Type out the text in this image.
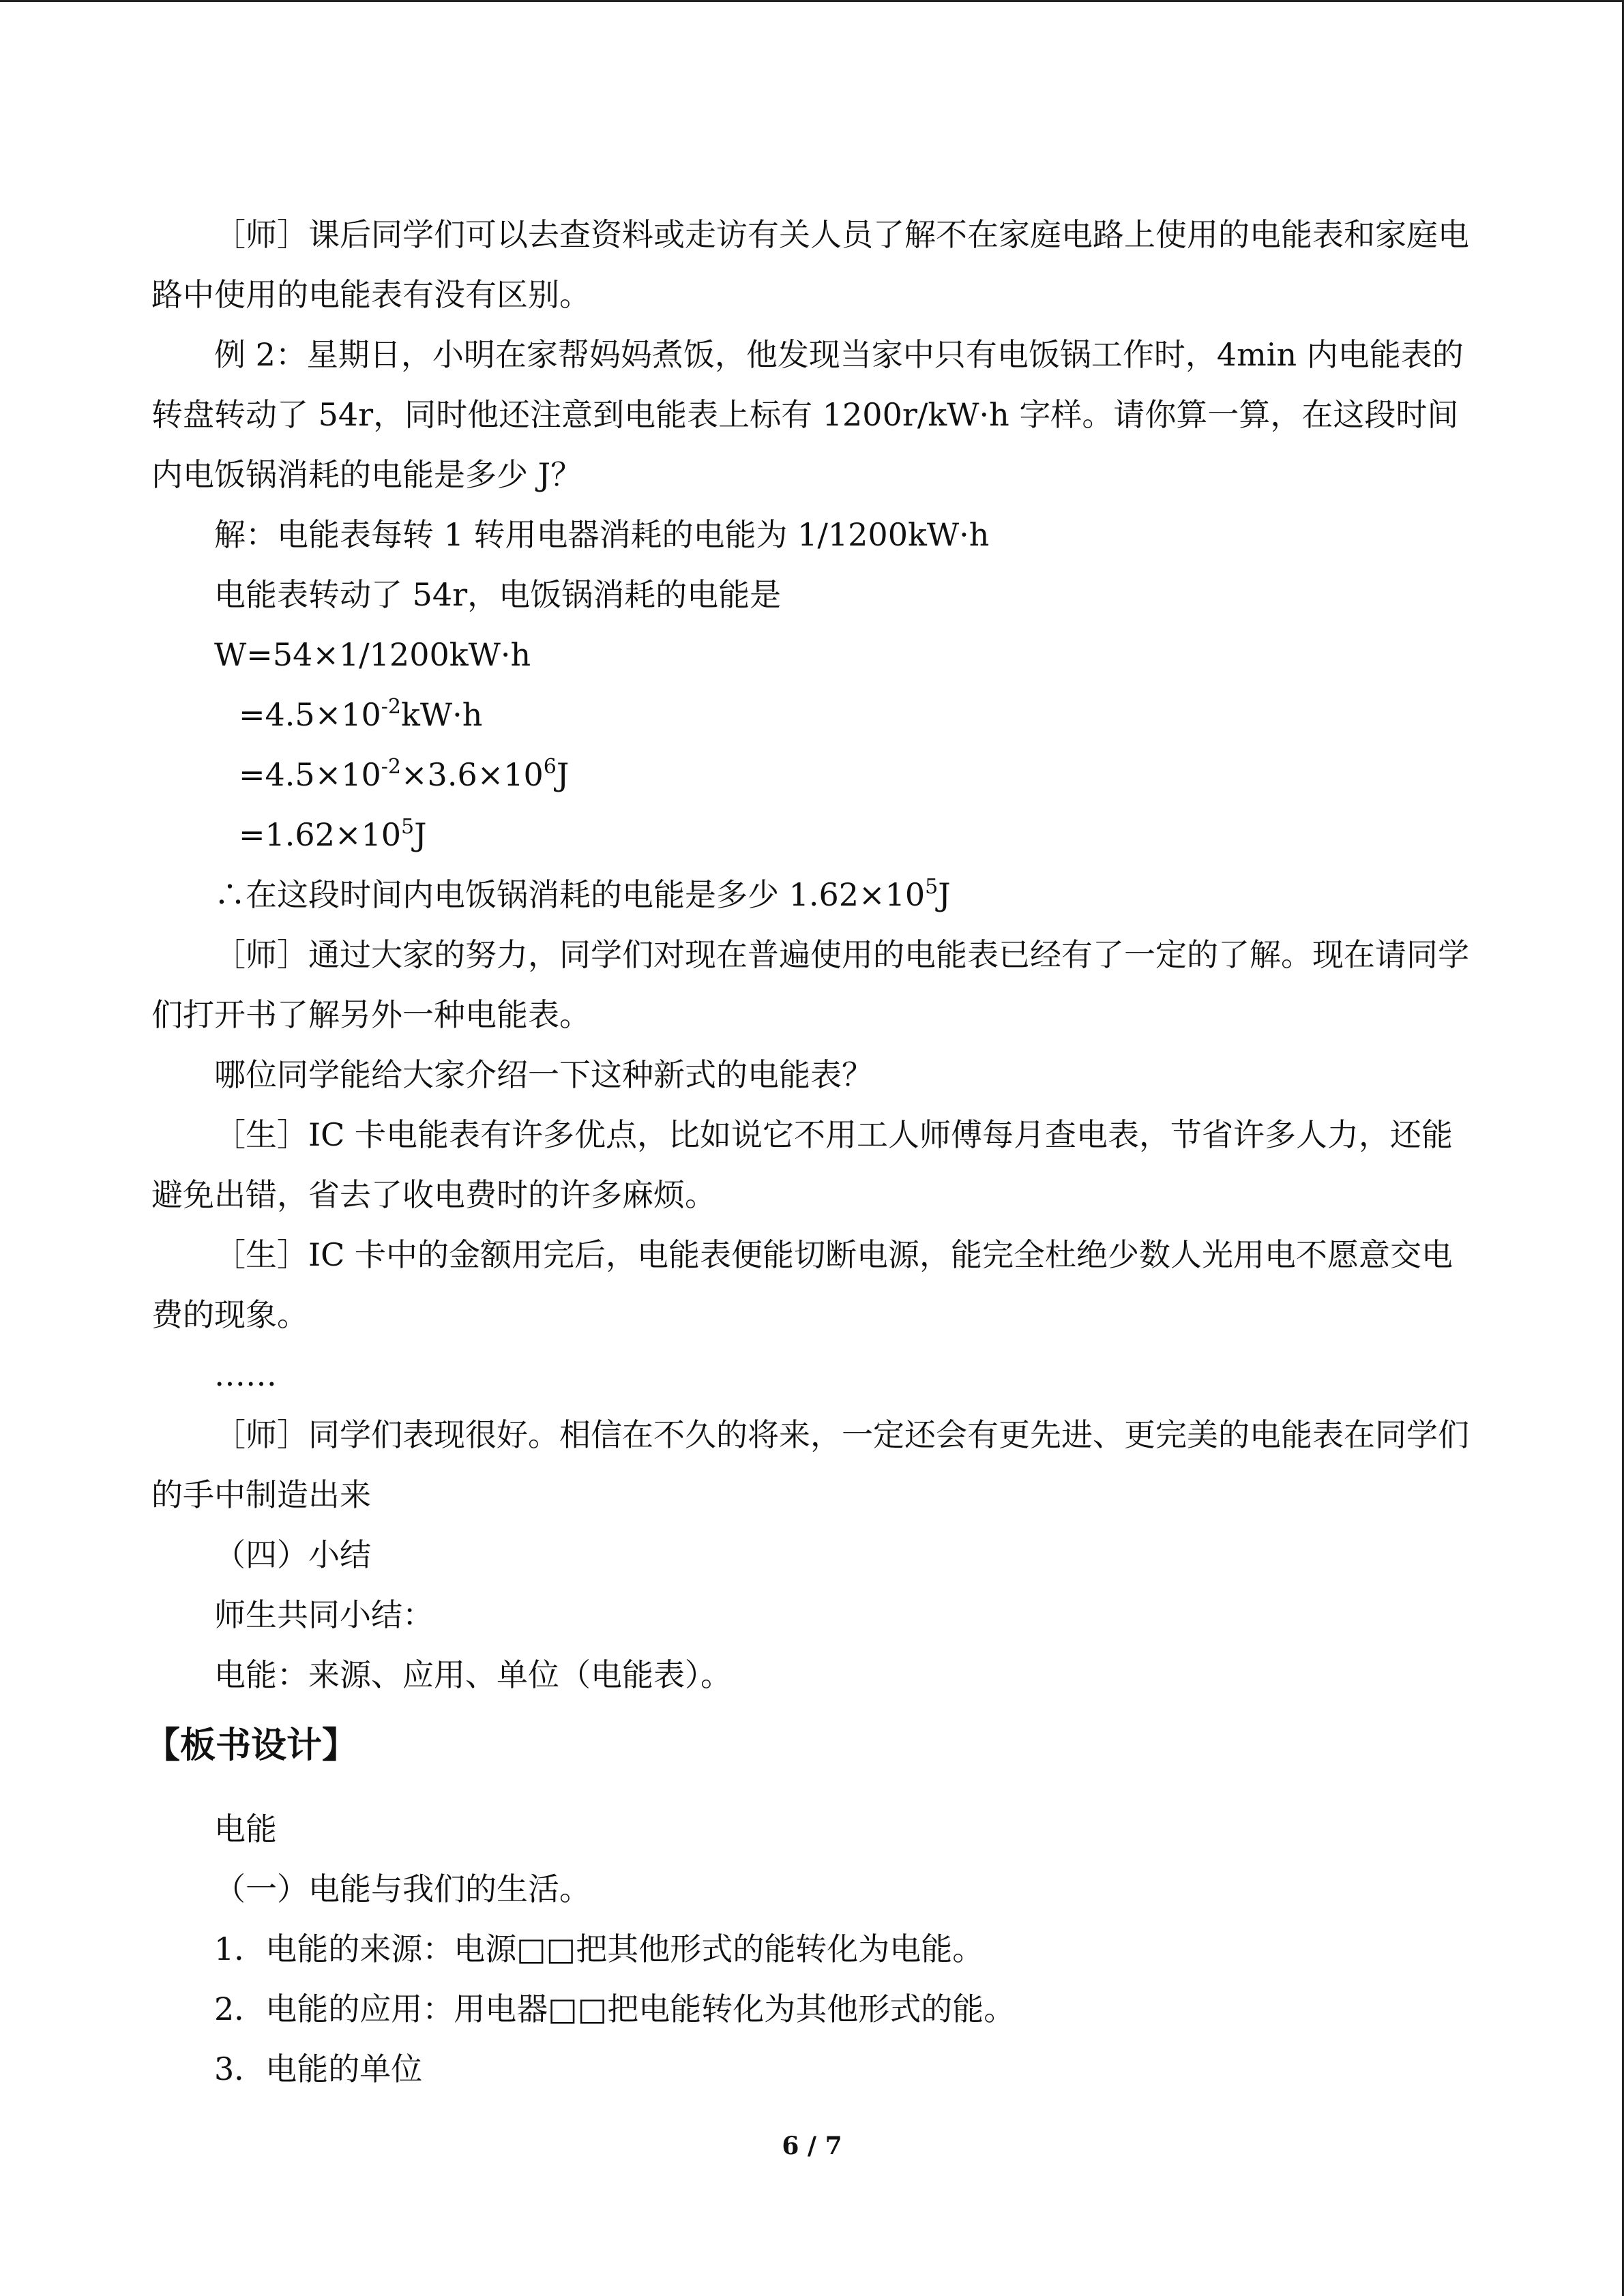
［师］课后同学们可以去查资料或走访有关人员了解不在家庭电路上使用的电能表和家庭电路中使用的电能表有没有区别。

例 2：星期日，小明在家帮妈妈煮饭，他发现当家中只有电饭锅工作时，4min 内电能表的转盘转动了 54r，同时他还注意到电能表上标有 1200r/kW·h 字样。请你算一算，在这段时间内电饭锅消耗的电能是多少 J？

解：电能表每转 1 转用电器消耗的电能为 1/1200kW·h

电能表转动了 54r，电饭锅消耗的电能是

W=54×1/1200kW·h

$=4.5\times 10^{-2}kW\cdot h$

$=4.5\times 10^{-2}\times 3.6\times 10^6J$

$=1.62\times 10^5J$

∴在这段时间内电饭锅消耗的电能是多少 $1.62\times 10^5J$

［师］通过大家的努力，同学们对现在普遍使用的电能表已经有了一定的了解。现在请同学们打开书了解另外一种电能表。

哪位同学能给大家介绍一下这种新式的电能表？

［生］IC 卡电能表有许多优点，比如说它不用工人师傅每月查电表，节省许多人力，还能避免出错，省去了收电费时的许多麻烦。

［生］IC 卡中的金额用完后，电能表便能切断电源，能完全杜绝少数人光用电不愿意交电费的现象。

……

［师］同学们表现很好。相信在不久的将来，一定还会有更先进、更完美的电能表在同学们的手中制造出来

（四）小结

师生共同小结：

电能：来源、应用、单位（电能表）。

【板书设计】

电能

（一）电能与我们的生活。

1．电能的来源：电源□□把其他形式的能转化为电能。

2．电能的应用：用电器□□把电能转化为其他形式的能。

3．电能的单位

6 / 7
